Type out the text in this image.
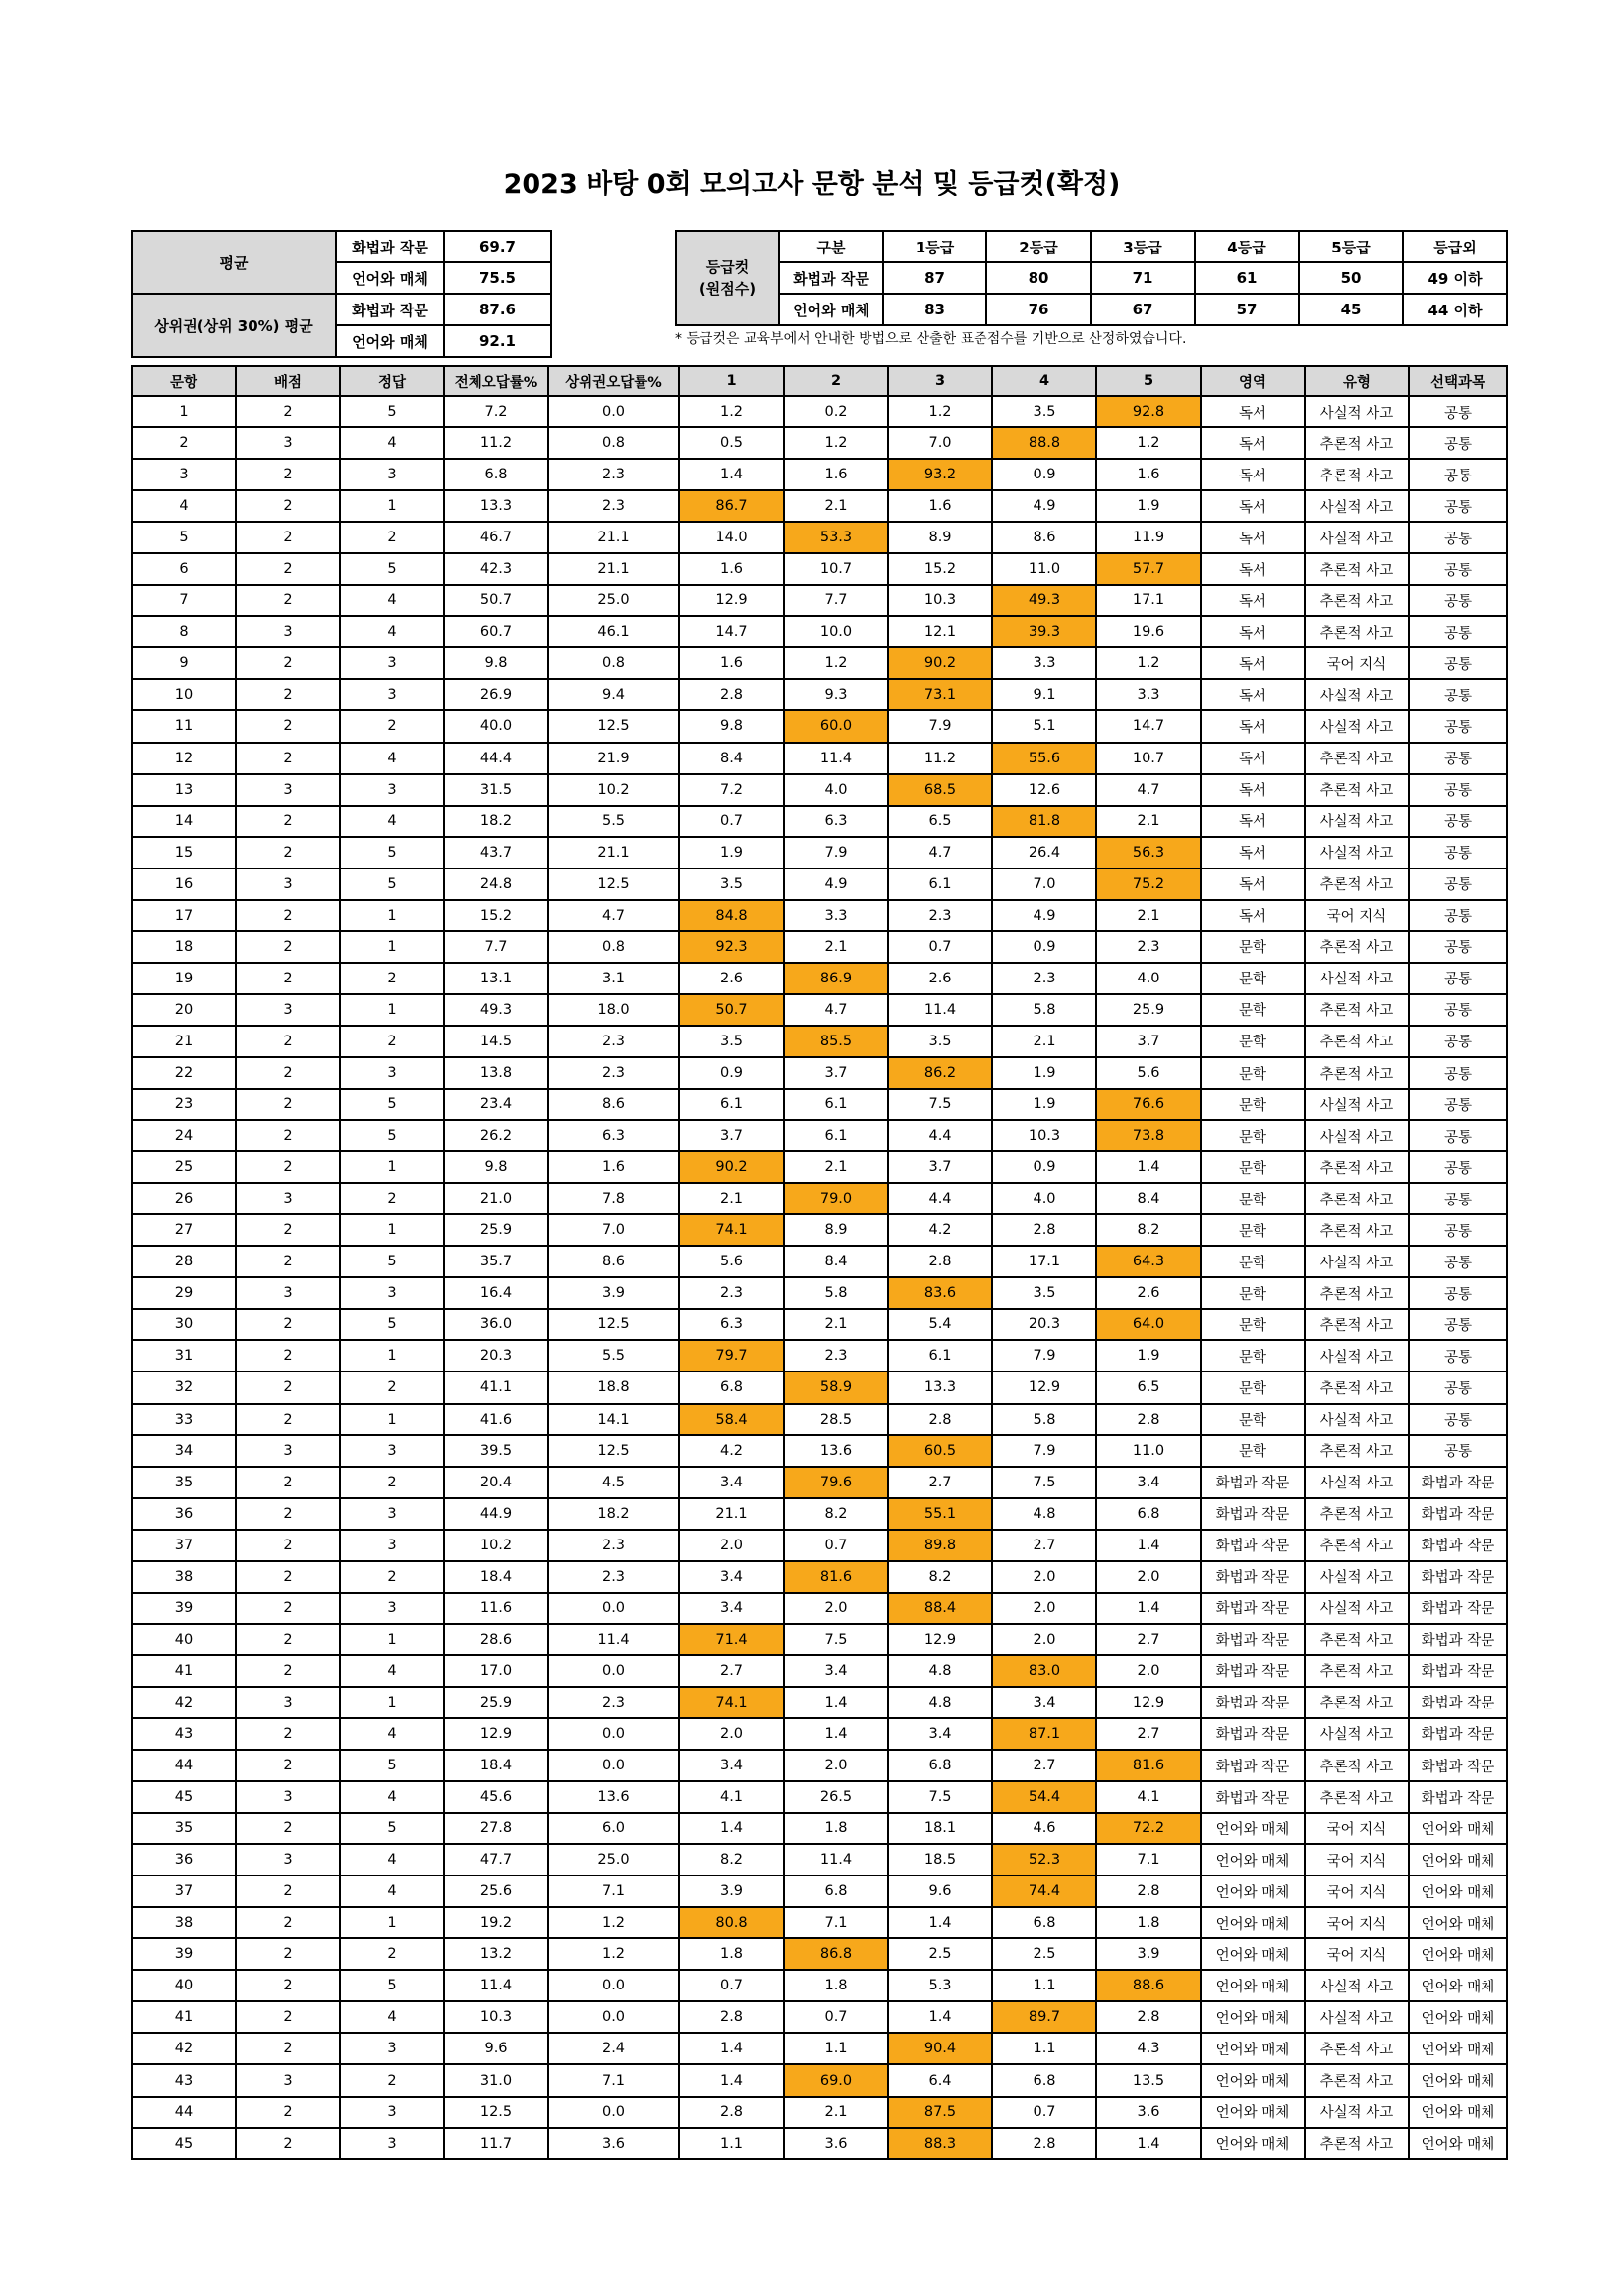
2023 바탕 0회 모의고사 문항 분석 및 등급컷(확정)
평균	화법과 작문	69.7
	언어와 매체	75.5
상위권(상위 30%) 평균	화법과 작문	87.6
	언어와 매체	92.1
등급컷
(원점수)	구분	1등급	2등급	3등급	4등급	5등급	등급외
	화법과 작문	87	80	71	61	50	49 이하
	언어와 매체	83	76	67	57	45	44 이하
* 등급컷은 교육부에서 안내한 방법으로 산출한 표준점수를 기반으로 산정하였습니다.
문항	배점	정답	전체오답률%	상위권오답률%	1	2	3	4	5	영역	유형	선택과목
1	2	5	7.2	0.0	1.2	0.2	1.2	3.5	92.8	독서	사실적 사고	공통
2	3	4	11.2	0.8	0.5	1.2	7.0	88.8	1.2	독서	추론적 사고	공통
3	2	3	6.8	2.3	1.4	1.6	93.2	0.9	1.6	독서	추론적 사고	공통
4	2	1	13.3	2.3	86.7	2.1	1.6	4.9	1.9	독서	사실적 사고	공통
5	2	2	46.7	21.1	14.0	53.3	8.9	8.6	11.9	독서	사실적 사고	공통
6	2	5	42.3	21.1	1.6	10.7	15.2	11.0	57.7	독서	추론적 사고	공통
7	2	4	50.7	25.0	12.9	7.7	10.3	49.3	17.1	독서	추론적 사고	공통
8	3	4	60.7	46.1	14.7	10.0	12.1	39.3	19.6	독서	추론적 사고	공통
9	2	3	9.8	0.8	1.6	1.2	90.2	3.3	1.2	독서	국어 지식	공통
10	2	3	26.9	9.4	2.8	9.3	73.1	9.1	3.3	독서	사실적 사고	공통
11	2	2	40.0	12.5	9.8	60.0	7.9	5.1	14.7	독서	사실적 사고	공통
12	2	4	44.4	21.9	8.4	11.4	11.2	55.6	10.7	독서	추론적 사고	공통
13	3	3	31.5	10.2	7.2	4.0	68.5	12.6	4.7	독서	추론적 사고	공통
14	2	4	18.2	5.5	0.7	6.3	6.5	81.8	2.1	독서	사실적 사고	공통
15	2	5	43.7	21.1	1.9	7.9	4.7	26.4	56.3	독서	사실적 사고	공통
16	3	5	24.8	12.5	3.5	4.9	6.1	7.0	75.2	독서	추론적 사고	공통
17	2	1	15.2	4.7	84.8	3.3	2.3	4.9	2.1	독서	국어 지식	공통
18	2	1	7.7	0.8	92.3	2.1	0.7	0.9	2.3	문학	추론적 사고	공통
19	2	2	13.1	3.1	2.6	86.9	2.6	2.3	4.0	문학	사실적 사고	공통
20	3	1	49.3	18.0	50.7	4.7	11.4	5.8	25.9	문학	추론적 사고	공통
21	2	2	14.5	2.3	3.5	85.5	3.5	2.1	3.7	문학	추론적 사고	공통
22	2	3	13.8	2.3	0.9	3.7	86.2	1.9	5.6	문학	추론적 사고	공통
23	2	5	23.4	8.6	6.1	6.1	7.5	1.9	76.6	문학	사실적 사고	공통
24	2	5	26.2	6.3	3.7	6.1	4.4	10.3	73.8	문학	사실적 사고	공통
25	2	1	9.8	1.6	90.2	2.1	3.7	0.9	1.4	문학	추론적 사고	공통
26	3	2	21.0	7.8	2.1	79.0	4.4	4.0	8.4	문학	추론적 사고	공통
27	2	1	25.9	7.0	74.1	8.9	4.2	2.8	8.2	문학	추론적 사고	공통
28	2	5	35.7	8.6	5.6	8.4	2.8	17.1	64.3	문학	사실적 사고	공통
29	3	3	16.4	3.9	2.3	5.8	83.6	3.5	2.6	문학	추론적 사고	공통
30	2	5	36.0	12.5	6.3	2.1	5.4	20.3	64.0	문학	추론적 사고	공통
31	2	1	20.3	5.5	79.7	2.3	6.1	7.9	1.9	문학	사실적 사고	공통
32	2	2	41.1	18.8	6.8	58.9	13.3	12.9	6.5	문학	추론적 사고	공통
33	2	1	41.6	14.1	58.4	28.5	2.8	5.8	2.8	문학	사실적 사고	공통
34	3	3	39.5	12.5	4.2	13.6	60.5	7.9	11.0	문학	추론적 사고	공통
35	2	2	20.4	4.5	3.4	79.6	2.7	7.5	3.4	화법과 작문	사실적 사고	화법과 작문
36	2	3	44.9	18.2	21.1	8.2	55.1	4.8	6.8	화법과 작문	추론적 사고	화법과 작문
37	2	3	10.2	2.3	2.0	0.7	89.8	2.7	1.4	화법과 작문	추론적 사고	화법과 작문
38	2	2	18.4	2.3	3.4	81.6	8.2	2.0	2.0	화법과 작문	사실적 사고	화법과 작문
39	2	3	11.6	0.0	3.4	2.0	88.4	2.0	1.4	화법과 작문	사실적 사고	화법과 작문
40	2	1	28.6	11.4	71.4	7.5	12.9	2.0	2.7	화법과 작문	추론적 사고	화법과 작문
41	2	4	17.0	0.0	2.7	3.4	4.8	83.0	2.0	화법과 작문	추론적 사고	화법과 작문
42	3	1	25.9	2.3	74.1	1.4	4.8	3.4	12.9	화법과 작문	추론적 사고	화법과 작문
43	2	4	12.9	0.0	2.0	1.4	3.4	87.1	2.7	화법과 작문	사실적 사고	화법과 작문
44	2	5	18.4	0.0	3.4	2.0	6.8	2.7	81.6	화법과 작문	추론적 사고	화법과 작문
45	3	4	45.6	13.6	4.1	26.5	7.5	54.4	4.1	화법과 작문	추론적 사고	화법과 작문
35	2	5	27.8	6.0	1.4	1.8	18.1	4.6	72.2	언어와 매체	국어 지식	언어와 매체
36	3	4	47.7	25.0	8.2	11.4	18.5	52.3	7.1	언어와 매체	국어 지식	언어와 매체
37	2	4	25.6	7.1	3.9	6.8	9.6	74.4	2.8	언어와 매체	국어 지식	언어와 매체
38	2	1	19.2	1.2	80.8	7.1	1.4	6.8	1.8	언어와 매체	국어 지식	언어와 매체
39	2	2	13.2	1.2	1.8	86.8	2.5	2.5	3.9	언어와 매체	국어 지식	언어와 매체
40	2	5	11.4	0.0	0.7	1.8	5.3	1.1	88.6	언어와 매체	사실적 사고	언어와 매체
41	2	4	10.3	0.0	2.8	0.7	1.4	89.7	2.8	언어와 매체	사실적 사고	언어와 매체
42	2	3	9.6	2.4	1.4	1.1	90.4	1.1	4.3	언어와 매체	추론적 사고	언어와 매체
43	3	2	31.0	7.1	1.4	69.0	6.4	6.8	13.5	언어와 매체	추론적 사고	언어와 매체
44	2	3	12.5	0.0	2.8	2.1	87.5	0.7	3.6	언어와 매체	사실적 사고	언어와 매체
45	2	3	11.7	3.6	1.1	3.6	88.3	2.8	1.4	언어와 매체	추론적 사고	언어와 매체
